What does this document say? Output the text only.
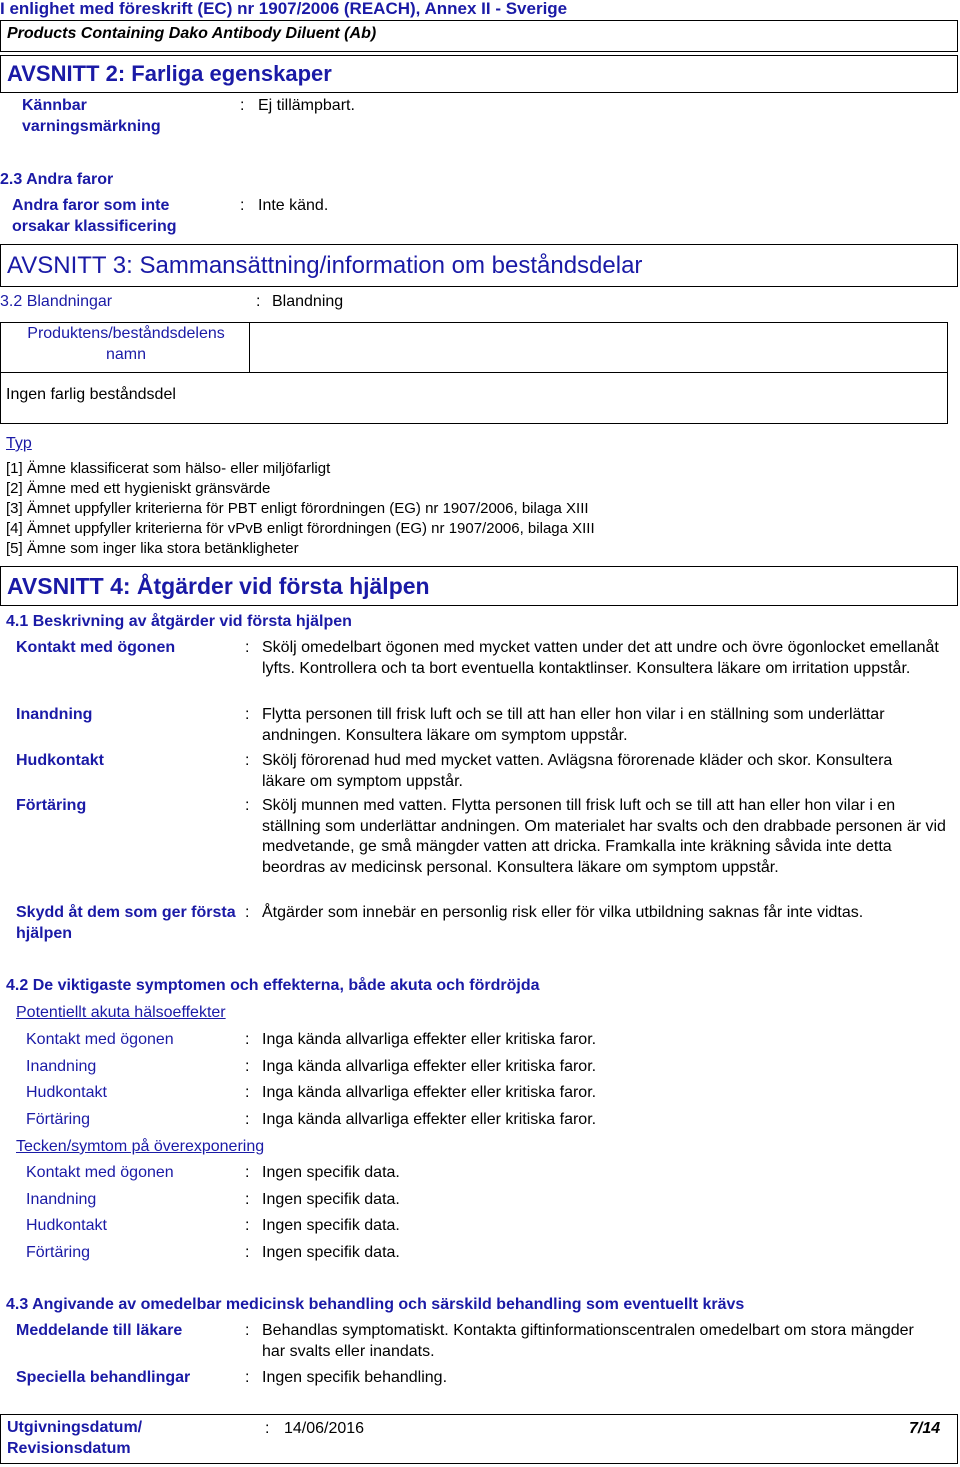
I enlighet med föreskrift (EC) nr 1907/2006 (REACH), Annex II - Sverige
Products Containing Dako Antibody Diluent (Ab)
AVSNITT 2: Farliga egenskaper
Kännbar varningsmärkning
: Ej tillämpbart.
2.3 Andra faror
Andra faror som inte orsakar klassificering
: Inte känd.
AVSNITT 3: Sammansättning/information om beståndsdelar
3.2 Blandningar	: Blandning
Produktens/beståndsdelens namn
Ingen farlig beståndsdel
Typ
[1] Ämne klassificerat som hälso- eller miljöfarligt
[2] Ämne med ett hygieniskt gränsvärde
[3] Ämnet uppfyller kriterierna för PBT enligt förordningen (EG) nr 1907/2006, bilaga XIII
[4] Ämnet uppfyller kriterierna för vPvB enligt förordningen (EG) nr 1907/2006, bilaga XIII
[5] Ämne som inger lika stora betänkligheter
AVSNITT 4: Åtgärder vid första hjälpen
4.1 Beskrivning av åtgärder vid första hjälpen
Kontakt med ögonen	: Skölj omedelbart ögonen med mycket vatten under det att undre och övre ögonlocket emellanåt lyfts. Kontrollera och ta bort eventuella kontaktlinser. Konsultera läkare om irritation uppstår.
Inandning	: Flytta personen till frisk luft och se till att han eller hon vilar i en ställning som underlättar andningen. Konsultera läkare om symptom uppstår.
Hudkontakt	: Skölj förorenad hud med mycket vatten. Avlägsna förorenade kläder och skor. Konsultera läkare om symptom uppstår.
Förtäring	: Skölj munnen med vatten. Flytta personen till frisk luft och se till att han eller hon vilar i en ställning som underlättar andningen. Om materialet har svalts och den drabbade personen är vid medvetande, ge små mängder vatten att dricka. Framkalla inte kräkning såvida inte detta beordras av medicinsk personal. Konsultera läkare om symptom uppstår.
Skydd åt dem som ger första hjälpen
: Åtgärder som innebär en personlig risk eller för vilka utbildning saknas får inte vidtas.
4.2 De viktigaste symptomen och effekterna, både akuta och fördröjda
Potentiellt akuta hälsoeffekter
Kontakt med ögonen	: Inga kända allvarliga effekter eller kritiska faror.
Inandning	: Inga kända allvarliga effekter eller kritiska faror.
Hudkontakt	: Inga kända allvarliga effekter eller kritiska faror.
Förtäring	: Inga kända allvarliga effekter eller kritiska faror.
Tecken/symtom på överexponering
Kontakt med ögonen	: Ingen specifik data.
Inandning	: Ingen specifik data.
Hudkontakt	: Ingen specifik data.
Förtäring	: Ingen specifik data.
4.3 Angivande av omedelbar medicinsk behandling och särskild behandling som eventuellt krävs
Meddelande till läkare	: Behandlas symptomatiskt. Kontakta giftinformationscentralen omedelbart om stora mängder har svalts eller inandats.
Speciella behandlingar	: Ingen specifik behandling.
Utgivningsdatum/ Revisionsdatum
: 14/06/2016	7/14
